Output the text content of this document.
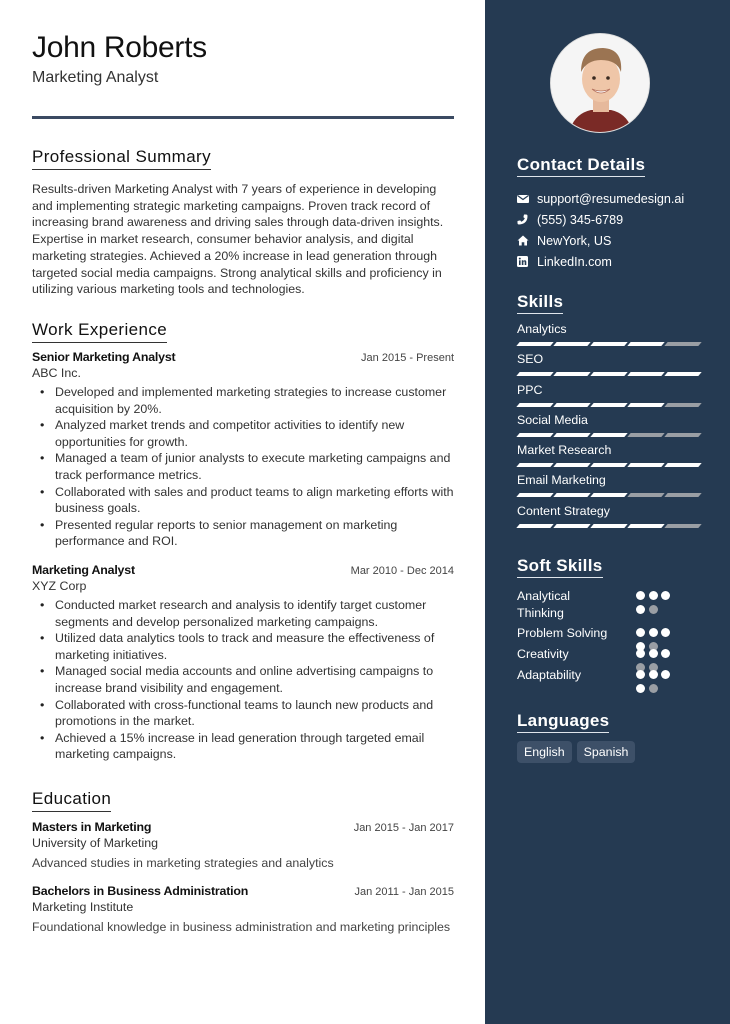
John Roberts
Marketing Analyst
Professional Summary

Results-driven Marketing Analyst with 7 years of experience in developing and implementing strategic marketing campaigns. Proven track record of increasing brand awareness and driving sales through data-driven insights. Expertise in market research, consumer behavior analysis, and digital marketing strategies. Achieved a 20% increase in lead generation through targeted social media campaigns. Strong analytical skills and proficiency in utilizing various marketing tools and technologies.

Work Experience
Senior Marketing Analyst	Jan 2015 - Present
ABC Inc.
• Developed and implemented marketing strategies to increase customer acquisition by 20%.
• Analyzed market trends and competitor activities to identify new opportunities for growth.
• Managed a team of junior analysts to execute marketing campaigns and track performance metrics.
• Collaborated with sales and product teams to align marketing efforts with business goals.
• Presented regular reports to senior management on marketing performance and ROI.
Marketing Analyst	Mar 2010 - Dec 2014
XYZ Corp
• Conducted market research and analysis to identify target customer segments and develop personalized marketing campaigns.
• Utilized data analytics tools to track and measure the effectiveness of marketing initiatives.
• Managed social media accounts and online advertising campaigns to increase brand visibility and engagement.
• Collaborated with cross-functional teams to launch new products and promotions in the market.
• Achieved a 15% increase in lead generation through targeted email marketing campaigns.
Education
Masters in Marketing	Jan 2015 - Jan 2017
University of Marketing
Advanced studies in marketing strategies and analytics
Bachelors in Business Administration	Jan 2011 - Jan 2015
Marketing Institute
Foundational knowledge in business administration and marketing principles
Contact Details
support@resumedesign.ai
(555) 345-6789
NewYork, US
LinkedIn.com
Skills
Analytics
SEO
PPC
Social Media
Market Research
Email Marketing
Content Strategy
Soft Skills
Analytical Thinking
Problem Solving
Creativity
Adaptability
Languages
English	Spanish
